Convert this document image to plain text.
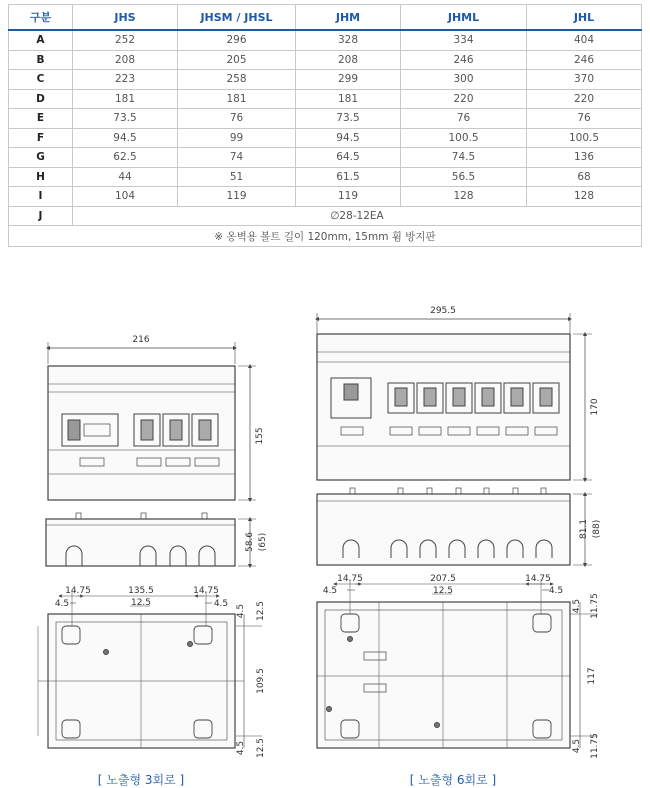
구분	JHS	JHSM / JHSL	JHM	JHML	JHL
A	252	296	328	334	404
B	208	205	208	246	246
C	223	258	299	300	370
D	181	181	181	220	220
E	73.5	76	73.5	76	76
F	94.5	99	94.5	100.5	100.5
G	62.5	74	64.5	74.5	136
H	44	51	61.5	56.5	68
I	104	119	119	128	128
J	∅28-12EA				
※ 옹벽용 볼트 길이 120mm, 15mm 휨 방지판					
216
155
58.6 (65)
14.75	135.5	14.75
4.5	12.5	4.5 4.5 12.5
109.5
4.5 12.5
[ 노출형 3회로 ]
295.5
170
81.1 (88)
14.75	207.5	14.75
4.5	12.5	4.5
4.5 11.75
117
4.5 11.75
[ 노출형 6회로 ]
